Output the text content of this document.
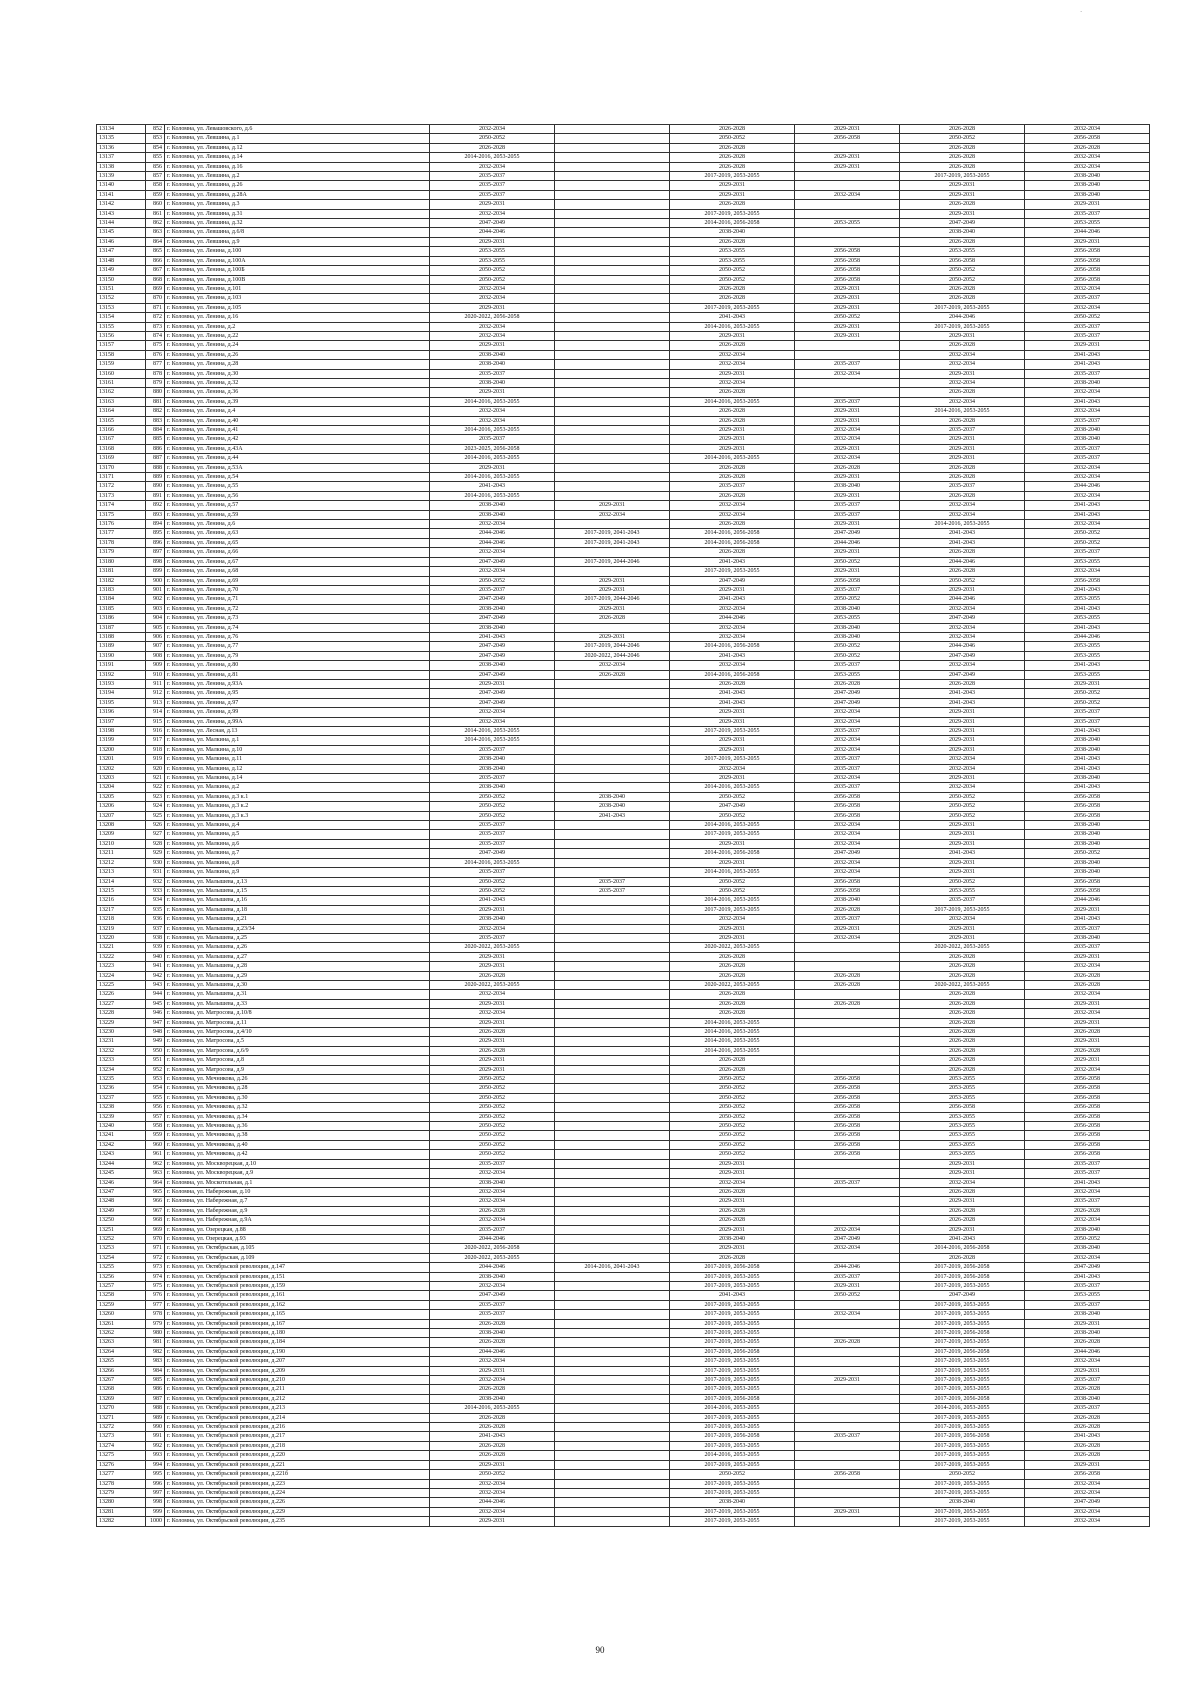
`
13134	852	г. Коломна, ул. Левашовского, д.6	2032-2034		2026-2028	2029-2031	2026-2028	2032-2034
13135	853	г. Коломна, ул. Левшина, д.1	2050-2052		2050-2052	2056-2058	2050-2052	2056-2058
13136	854	г. Коломна, ул. Левшина, д.12	2026-2028		2026-2028		2026-2028	2026-2028
13137	855	г. Коломна, ул. Левшина, д.14	2014-2016, 2053-2055		2026-2028	2029-2031	2026-2028	2032-2034
13138	856	г. Коломна, ул. Левшина, д.16	2032-2034		2026-2028	2029-2031	2026-2028	2032-2034
13139	857	г. Коломна, ул. Левшина, д.2	2035-2037		2017-2019, 2053-2055		2017-2019, 2053-2055	2038-2040
13140	858	г. Коломна, ул. Левшина, д.26	2035-2037		2029-2031		2029-2031	2038-2040
13141	859	г. Коломна, ул. Левшина, д.28А	2035-2037		2029-2031	2032-2034	2029-2031	2038-2040
13142	860	г. Коломна, ул. Левшина, д.3	2029-2031		2026-2028		2026-2028	2029-2031
13143	861	г. Коломна, ул. Левшина, д.31	2032-2034		2017-2019, 2053-2055		2029-2031	2035-2037
13144	862	г. Коломна, ул. Левшина, д.32	2047-2049		2014-2016, 2056-2058	2053-2055	2047-2049	2053-2055
13145	863	г. Коломна, ул. Левшина, д.6/8	2044-2046		2038-2040		2038-2040	2044-2046
13146	864	г. Коломна, ул. Левшина, д.9	2029-2031		2026-2028		2026-2028	2029-2031
13147	865	г. Коломна, ул. Ленина, д.100	2053-2055		2053-2055	2056-2058	2053-2055	2056-2058
13148	866	г. Коломна, ул. Ленина, д.100А	2053-2055		2053-2055	2056-2058	2056-2058	2056-2058
13149	867	г. Коломна, ул. Ленина, д.100Б	2050-2052		2050-2052	2056-2058	2050-2052	2056-2058
13150	868	г. Коломна, ул. Ленина, д.100В	2050-2052		2050-2052	2056-2058	2050-2052	2056-2058
13151	869	г. Коломна, ул. Ленина, д.101	2032-2034		2026-2028	2029-2031	2026-2028	2032-2034
13152	870	г. Коломна, ул. Ленина, д.103	2032-2034		2026-2028	2029-2031	2026-2028	2035-2037
13153	871	г. Коломна, ул. Ленина, д.105	2029-2031		2017-2019, 2053-2055	2029-2031	2017-2019, 2053-2055	2032-2034
13154	872	г. Коломна, ул. Ленина, д.16	2020-2022, 2056-2058		2041-2043	2050-2052	2044-2046	2050-2052
13155	873	г. Коломна, ул. Ленина, д.2	2032-2034		2014-2016, 2053-2055	2029-2031	2017-2019, 2053-2055	2035-2037
13156	874	г. Коломна, ул. Ленина, д.22	2032-2034		2029-2031	2029-2031	2029-2031	2035-2037
13157	875	г. Коломна, ул. Ленина, д.24	2029-2031		2026-2028		2026-2028	2029-2031
13158	876	г. Коломна, ул. Ленина, д.26	2038-2040		2032-2034		2032-2034	2041-2043
13159	877	г. Коломна, ул. Ленина, д.28	2038-2040		2032-2034	2035-2037	2032-2034	2041-2043
13160	878	г. Коломна, ул. Ленина, д.30	2035-2037		2029-2031	2032-2034	2029-2031	2035-2037
13161	879	г. Коломна, ул. Ленина, д.32	2038-2040		2032-2034		2032-2034	2038-2040
13162	880	г. Коломна, ул. Ленина, д.36	2029-2031		2026-2028		2026-2028	2032-2034
13163	881	г. Коломна, ул. Ленина, д.39	2014-2016, 2053-2055		2014-2016, 2053-2055	2035-2037	2032-2034	2041-2043
13164	882	г. Коломна, ул. Ленина, д.4	2032-2034		2026-2028	2029-2031	2014-2016, 2053-2055	2032-2034
13165	883	г. Коломна, ул. Ленина, д.40	2032-2034		2026-2028	2029-2031	2026-2028	2035-2037
13166	884	г. Коломна, ул. Ленина, д.41	2014-2016, 2053-2055		2029-2031	2032-2034	2035-2037	2038-2040
13167	885	г. Коломна, ул. Ленина, д.42	2035-2037		2029-2031	2032-2034	2029-2031	2038-2040
13168	886	г. Коломна, ул. Ленина, д.43А	2023-2025, 2056-2058		2029-2031	2029-2031	2029-2031	2035-2037
13169	887	г. Коломна, ул. Ленина, д.44	2014-2016, 2053-2055		2014-2016, 2053-2055	2032-2034	2029-2031	2035-2037
13170	888	г. Коломна, ул. Ленина, д.53А	2029-2031		2026-2028	2026-2028	2026-2028	2032-2034
13171	889	г. Коломна, ул. Ленина, д.54	2014-2016, 2053-2055		2026-2028	2029-2031	2026-2028	2032-2034
13172	890	г. Коломна, ул. Ленина, д.55	2041-2043		2035-2037	2038-2040	2035-2037	2044-2046
13173	891	г. Коломна, ул. Ленина, д.56	2014-2016, 2053-2055		2026-2028	2029-2031	2026-2028	2032-2034
13174	892	г. Коломна, ул. Ленина, д.57	2038-2040	2029-2031	2032-2034	2035-2037	2032-2034	2041-2043
13175	893	г. Коломна, ул. Ленина, д.59	2038-2040	2032-2034	2032-2034	2035-2037	2032-2034	2041-2043
13176	894	г. Коломна, ул. Ленина, д.6	2032-2034		2026-2028	2029-2031	2014-2016, 2053-2055	2032-2034
13177	895	г. Коломна, ул. Ленина, д.63	2044-2046	2017-2019, 2041-2043	2014-2016, 2056-2058	2047-2049	2041-2043	2050-2052
13178	896	г. Коломна, ул. Ленина, д.65	2044-2046	2017-2019, 2041-2043	2014-2016, 2056-2058	2044-2046	2041-2043	2050-2052
13179	897	г. Коломна, ул. Ленина, д.66	2032-2034		2026-2028	2029-2031	2026-2028	2035-2037
13180	898	г. Коломна, ул. Ленина, д.67	2047-2049	2017-2019, 2044-2046	2041-2043	2050-2052	2044-2046	2053-2055
13181	899	г. Коломна, ул. Ленина, д.68	2032-2034		2017-2019, 2053-2055	2029-2031	2026-2028	2032-2034
13182	900	г. Коломна, ул. Ленина, д.69	2050-2052	2029-2031	2047-2049	2056-2058	2050-2052	2056-2058
13183	901	г. Коломна, ул. Ленина, д.70	2035-2037	2029-2031	2029-2031	2035-2037	2029-2031	2041-2043
13184	902	г. Коломна, ул. Ленина, д.71	2047-2049	2017-2019, 2044-2046	2041-2043	2050-2052	2044-2046	2053-2055
13185	903	г. Коломна, ул. Ленина, д.72	2038-2040	2029-2031	2032-2034	2038-2040	2032-2034	2041-2043
13186	904	г. Коломна, ул. Ленина, д.73	2047-2049	2026-2028	2044-2046	2053-2055	2047-2049	2053-2055
13187	905	г. Коломна, ул. Ленина, д.74	2038-2040		2032-2034	2038-2040	2032-2034	2041-2043
13188	906	г. Коломна, ул. Ленина, д.76	2041-2043	2029-2031	2032-2034	2038-2040	2032-2034	2044-2046
13189	907	г. Коломна, ул. Ленина, д.77	2047-2049	2017-2019, 2044-2046	2014-2016, 2056-2058	2050-2052	2044-2046	2053-2055
13190	908	г. Коломна, ул. Ленина, д.79	2047-2049	2020-2022, 2044-2046	2041-2043	2050-2052	2047-2049	2053-2055
13191	909	г. Коломна, ул. Ленина, д.80	2038-2040	2032-2034	2032-2034	2035-2037	2032-2034	2041-2043
13192	910	г. Коломна, ул. Ленина, д.81	2047-2049	2026-2028	2014-2016, 2056-2058	2053-2055	2047-2049	2053-2055
13193	911	г. Коломна, ул. Ленина, д.93А	2029-2031		2026-2028	2026-2028	2026-2028	2029-2031
13194	912	г. Коломна, ул. Ленина, д.95	2047-2049		2041-2043	2047-2049	2041-2043	2050-2052
13195	913	г. Коломна, ул. Ленина, д.97	2047-2049		2041-2043	2047-2049	2041-2043	2050-2052
13196	914	г. Коломна, ул. Ленина, д.99	2032-2034		2029-2031	2032-2034	2029-2031	2035-2037
13197	915	г. Коломна, ул. Ленина, д.99А	2032-2034		2029-2031	2032-2034	2029-2031	2035-2037
13198	916	г. Коломна, ул. Лесная, д.13	2014-2016, 2053-2055		2017-2019, 2053-2055	2035-2037	2029-2031	2041-2043
13199	917	г. Коломна, ул. Малкина, д.1	2014-2016, 2053-2055		2029-2031	2032-2034	2029-2031	2038-2040
13200	918	г. Коломна, ул. Малкина, д.10	2035-2037		2029-2031	2032-2034	2029-2031	2038-2040
13201	919	г. Коломна, ул. Малкина, д.11	2038-2040		2017-2019, 2053-2055	2035-2037	2032-2034	2041-2043
13202	920	г. Коломна, ул. Малкина, д.12	2038-2040		2032-2034	2035-2037	2032-2034	2041-2043
13203	921	г. Коломна, ул. Малкина, д.14	2035-2037		2029-2031	2032-2034	2029-2031	2038-2040
13204	922	г. Коломна, ул. Малкина, д.2	2038-2040		2014-2016, 2053-2055	2035-2037	2032-2034	2041-2043
13205	923	г. Коломна, ул. Малкина, д.3 к.1	2050-2052	2038-2040	2050-2052	2056-2058	2050-2052	2056-2058
13206	924	г. Коломна, ул. Малкина, д.3 к.2	2050-2052	2038-2040	2047-2049	2056-2058	2050-2052	2056-2058
13207	925	г. Коломна, ул. Малкина, д.3 к.3	2050-2052	2041-2043	2050-2052	2056-2058	2050-2052	2056-2058
13208	926	г. Коломна, ул. Малкина, д.4	2035-2037		2014-2016, 2053-2055	2032-2034	2029-2031	2038-2040
13209	927	г. Коломна, ул. Малкина, д.5	2035-2037		2017-2019, 2053-2055	2032-2034	2029-2031	2038-2040
13210	928	г. Коломна, ул. Малкина, д.6	2035-2037		2029-2031	2032-2034	2029-2031	2038-2040
13211	929	г. Коломна, ул. Малкина, д.7	2047-2049		2014-2016, 2056-2058	2047-2049	2041-2043	2050-2052
13212	930	г. Коломна, ул. Малкина, д.8	2014-2016, 2053-2055		2029-2031	2032-2034	2029-2031	2038-2040
13213	931	г. Коломна, ул. Малкина, д.9	2035-2037		2014-2016, 2053-2055	2032-2034	2029-2031	2038-2040
13214	932	г. Коломна, ул. Малышева, д.13	2050-2052	2035-2037	2050-2052	2056-2058	2050-2052	2056-2058
13215	933	г. Коломна, ул. Малышева, д.15	2050-2052	2035-2037	2050-2052	2056-2058	2053-2055	2056-2058
13216	934	г. Коломна, ул. Малышева, д.16	2041-2043		2014-2016, 2053-2055	2038-2040	2035-2037	2044-2046
13217	935	г. Коломна, ул. Малышева, д.18	2029-2031		2017-2019, 2053-2055	2026-2028	2017-2019, 2053-2055	2029-2031
13218	936	г. Коломна, ул. Малышева, д.21	2038-2040		2032-2034	2035-2037	2032-2034	2041-2043
13219	937	г. Коломна, ул. Малышева, д.23/34	2032-2034		2029-2031	2029-2031	2029-2031	2035-2037
13220	938	г. Коломна, ул. Малышева, д.25	2035-2037		2029-2031	2032-2034	2029-2031	2038-2040
13221	939	г. Коломна, ул. Малышева, д.26	2020-2022, 2053-2055		2020-2022, 2053-2055		2020-2022, 2053-2055	2035-2037
13222	940	г. Коломна, ул. Малышева, д.27	2029-2031		2026-2028		2026-2028	2029-2031
13223	941	г. Коломна, ул. Малышева, д.28	2029-2031		2026-2028		2026-2028	2032-2034
13224	942	г. Коломна, ул. Малышева, д.29	2026-2028		2026-2028	2026-2028	2026-2028	2026-2028
13225	943	г. Коломна, ул. Малышева, д.30	2020-2022, 2053-2055		2020-2022, 2053-2055	2026-2028	2020-2022, 2053-2055	2026-2028
13226	944	г. Коломна, ул. Малышева, д.31	2032-2034		2026-2028		2026-2028	2032-2034
13227	945	г. Коломна, ул. Малышева, д.33	2029-2031		2026-2028	2026-2028	2026-2028	2029-2031
13228	946	г. Коломна, ул. Матросова, д.10/8	2032-2034		2026-2028		2026-2028	2032-2034
13229	947	г. Коломна, ул. Матросова, д.11	2029-2031		2014-2016, 2053-2055		2026-2028	2029-2031
13230	948	г. Коломна, ул. Матросова, д.4/10	2026-2028		2014-2016, 2053-2055		2026-2028	2026-2028
13231	949	г. Коломна, ул. Матросова, д.5	2029-2031		2014-2016, 2053-2055		2026-2028	2029-2031
13232	950	г. Коломна, ул. Матросова, д.6/9	2026-2028		2014-2016, 2053-2055		2026-2028	2026-2028
13233	951	г. Коломна, ул. Матросова, д.8	2029-2031		2026-2028		2026-2028	2029-2031
13234	952	г. Коломна, ул. Матросова, д.9	2029-2031		2026-2028		2026-2028	2032-2034
13235	953	г. Коломна, ул. Мечникова, д.26	2050-2052		2050-2052	2056-2058	2053-2055	2056-2058
13236	954	г. Коломна, ул. Мечникова, д.28	2050-2052		2050-2052	2056-2058	2053-2055	2056-2058
13237	955	г. Коломна, ул. Мечникова, д.30	2050-2052		2050-2052	2056-2058	2053-2055	2056-2058
13238	956	г. Коломна, ул. Мечникова, д.32	2050-2052		2050-2052	2056-2058	2056-2058	2056-2058
13239	957	г. Коломна, ул. Мечникова, д.34	2050-2052		2050-2052	2056-2058	2053-2055	2056-2058
13240	958	г. Коломна, ул. Мечникова, д.36	2050-2052		2050-2052	2056-2058	2053-2055	2056-2058
13241	959	г. Коломна, ул. Мечникова, д.38	2050-2052		2050-2052	2056-2058	2053-2055	2056-2058
13242	960	г. Коломна, ул. Мечникова, д.40	2050-2052		2050-2052	2056-2058	2053-2055	2056-2058
13243	961	г. Коломна, ул. Мечникова, д.42	2050-2052		2050-2052	2056-2058	2053-2055	2056-2058
13244	962	г. Коломна, ул. Москворецкая, д.10	2035-2037		2029-2031		2029-2031	2035-2037
13245	963	г. Коломна, ул. Москворецкая, д.9	2032-2034		2029-2031		2029-2031	2035-2037
13246	964	г. Коломна, ул. Москотельная, д.1	2038-2040		2032-2034	2035-2037	2032-2034	2041-2043
13247	965	г. Коломна, ул. Набережная, д.10	2032-2034		2026-2028		2026-2028	2032-2034
13248	966	г. Коломна, ул. Набережная, д.7	2032-2034		2029-2031		2029-2031	2035-2037
13249	967	г. Коломна, ул. Набережная, д.9	2026-2028		2026-2028		2026-2028	2026-2028
13250	968	г. Коломна, ул. Набережная, д.9А	2032-2034		2026-2028		2026-2028	2032-2034
13251	969	г. Коломна, ул. Озерецкая, д.88	2035-2037		2029-2031	2032-2034	2029-2031	2038-2040
13252	970	г. Коломна, ул. Озерецкая, д.93	2044-2046		2038-2040	2047-2049	2041-2043	2050-2052
13253	971	г. Коломна, ул. Октябрьская, д.105	2020-2022, 2056-2058		2029-2031	2032-2034	2014-2016, 2056-2058	2038-2040
13254	972	г. Коломна, ул. Октябрьская, д.109	2020-2022, 2053-2055		2026-2028		2026-2028	2032-2034
13255	973	г. Коломна, ул. Октябрьской революции, д.147	2044-2046	2014-2016, 2041-2043	2017-2019, 2056-2058	2044-2046	2017-2019, 2056-2058	2047-2049
13256	974	г. Коломна, ул. Октябрьской революции, д.151	2038-2040		2017-2019, 2053-2055	2035-2037	2017-2019, 2056-2058	2041-2043
13257	975	г. Коломна, ул. Октябрьской революции, д.159	2032-2034		2017-2019, 2053-2055	2029-2031	2017-2019, 2053-2055	2035-2037
13258	976	г. Коломна, ул. Октябрьской революции, д.161	2047-2049		2041-2043	2050-2052	2047-2049	2053-2055
13259	977	г. Коломна, ул. Октябрьской революции, д.162	2035-2037		2017-2019, 2053-2055		2017-2019, 2053-2055	2035-2037
13260	978	г. Коломна, ул. Октябрьской революции, д.165	2035-2037		2017-2019, 2053-2055	2032-2034	2017-2019, 2053-2055	2038-2040
13261	979	г. Коломна, ул. Октябрьской революции, д.167	2026-2028		2017-2019, 2053-2055		2017-2019, 2053-2055	2029-2031
13262	980	г. Коломна, ул. Октябрьской революции, д.180	2038-2040		2017-2019, 2053-2055		2017-2019, 2056-2058	2038-2040
13263	981	г. Коломна, ул. Октябрьской революции, д.184	2026-2028		2017-2019, 2053-2055	2026-2028	2017-2019, 2053-2055	2026-2028
13264	982	г. Коломна, ул. Октябрьской революции, д.190	2044-2046		2017-2019, 2056-2058		2017-2019, 2056-2058	2044-2046
13265	983	г. Коломна, ул. Октябрьской революции, д.207	2032-2034		2017-2019, 2053-2055		2017-2019, 2053-2055	2032-2034
13266	984	г. Коломна, ул. Октябрьской революции, д.209	2029-2031		2017-2019, 2053-2055		2017-2019, 2053-2055	2029-2031
13267	985	г. Коломна, ул. Октябрьской революции, д.210	2032-2034		2017-2019, 2053-2055	2029-2031	2017-2019, 2053-2055	2035-2037
13268	986	г. Коломна, ул. Октябрьской революции, д.211	2026-2028		2017-2019, 2053-2055		2017-2019, 2053-2055	2026-2028
13269	987	г. Коломна, ул. Октябрьской революции, д.212	2038-2040		2017-2019, 2056-2058		2017-2019, 2056-2058	2038-2040
13270	988	г. Коломна, ул. Октябрьской революции, д.213	2014-2016, 2053-2055		2014-2016, 2053-2055		2014-2016, 2053-2055	2035-2037
13271	989	г. Коломна, ул. Октябрьской революции, д.214	2026-2028		2017-2019, 2053-2055		2017-2019, 2053-2055	2026-2028
13272	990	г. Коломна, ул. Октябрьской революции, д.216	2026-2028		2017-2019, 2053-2055		2017-2019, 2053-2055	2026-2028
13273	991	г. Коломна, ул. Октябрьской революции, д.217	2041-2043		2017-2019, 2056-2058	2035-2037	2017-2019, 2056-2058	2041-2043
13274	992	г. Коломна, ул. Октябрьской революции, д.218	2026-2028		2017-2019, 2053-2055		2017-2019, 2053-2055	2026-2028
13275	993	г. Коломна, ул. Октябрьской революции, д.220	2026-2028		2014-2016, 2053-2055		2017-2019, 2053-2055	2026-2028
13276	994	г. Коломна, ул. Октябрьской революции, д.221	2029-2031		2017-2019, 2053-2055		2017-2019, 2053-2055	2029-2031
13277	995	г. Коломна, ул. Октябрьской революции, д.221б	2050-2052		2050-2052	2056-2058	2050-2052	2056-2058
13278	996	г. Коломна, ул. Октябрьской революции, д.223	2032-2034		2017-2019, 2053-2055		2017-2019, 2053-2055	2032-2034
13279	997	г. Коломна, ул. Октябрьской революции, д.224	2032-2034		2017-2019, 2053-2055		2017-2019, 2053-2055	2032-2034
13280	998	г. Коломна, ул. Октябрьской революции, д.226	2044-2046		2038-2040		2038-2040	2047-2049
13281	999	г. Коломна, ул. Октябрьской революции, д.229	2032-2034		2017-2019, 2053-2055	2029-2031	2017-2019, 2053-2055	2032-2034
13282	1000	г. Коломна, ул. Октябрьской революции, д.235	2029-2031		2017-2019, 2053-2055		2017-2019, 2053-2055	2032-2034
90
